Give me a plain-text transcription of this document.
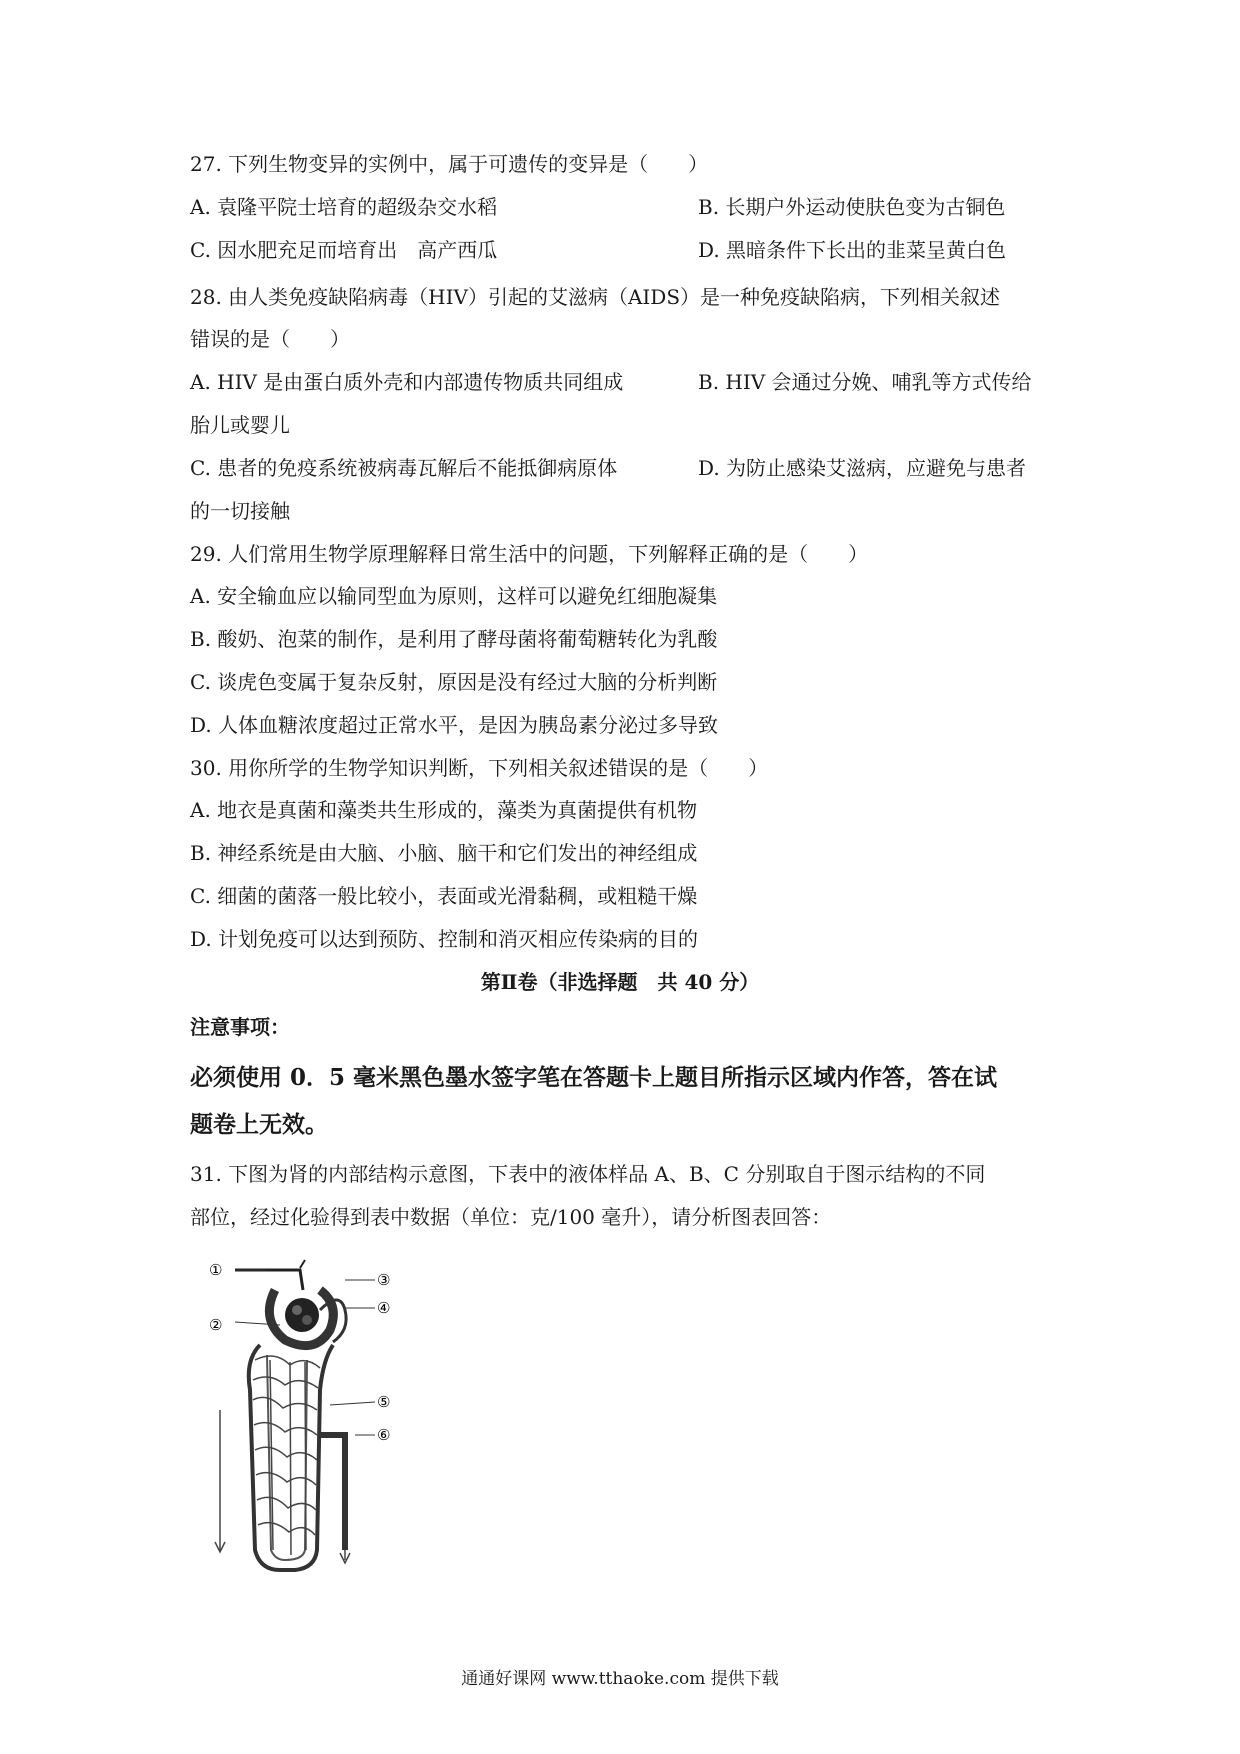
27. 下列生物变异的实例中，属于可遗传的变异是（　　）
A. 袁隆平院士培育的超级杂交水稻	B. 长期户外运动使肤色变为古铜色
C. 因水肥充足而培育出　高产西瓜	D. 黑暗条件下长出的韭菜呈黄白色
28. 由人类免疫缺陷病毒（HIV）引起的艾滋病（AIDS）是一种免疫缺陷病，下列相关叙述
错误的是（　　）
A. HIV 是由蛋白质外壳和内部遗传物质共同组成	B. HIV 会通过分娩、哺乳等方式传给
胎儿或婴儿
C. 患者的免疫系统被病毒瓦解后不能抵御病原体	D. 为防止感染艾滋病，应避免与患者
的一切接触
29. 人们常用生物学原理解释日常生活中的问题，下列解释正确的是（　　）
A. 安全输血应以输同型血为原则，这样可以避免红细胞凝集
B. 酸奶、泡菜的制作，是利用了酵母菌将葡萄糖转化为乳酸
C. 谈虎色变属于复杂反射，原因是没有经过大脑的分析判断
D. 人体血糖浓度超过正常水平，是因为胰岛素分泌过多导致
30. 用你所学的生物学知识判断，下列相关叙述错误的是（　　）
A. 地衣是真菌和藻类共生形成的，藻类为真菌提供有机物
B. 神经系统是由大脑、小脑、脑干和它们发出的神经组成
C. 细菌的菌落一般比较小，表面或光滑黏稠，或粗糙干燥
D. 计划免疫可以达到预防、控制和消灭相应传染病的目的
第Ⅱ卷（非选择题　共 40 分）
注意事项：
必须使用 0．5 毫米黑色墨水签字笔在答题卡上题目所指示区域内作答，答在试
题卷上无效。
31. 下图为肾的内部结构示意图，下表中的液体样品 A、B、C 分别取自于图示结构的不同
部位，经过化验得到表中数据（单位：克/100 毫升），请分析图表回答：
①
②
③
④
⑤
⑥
通通好课网 www.tthaoke.com 提供下载
